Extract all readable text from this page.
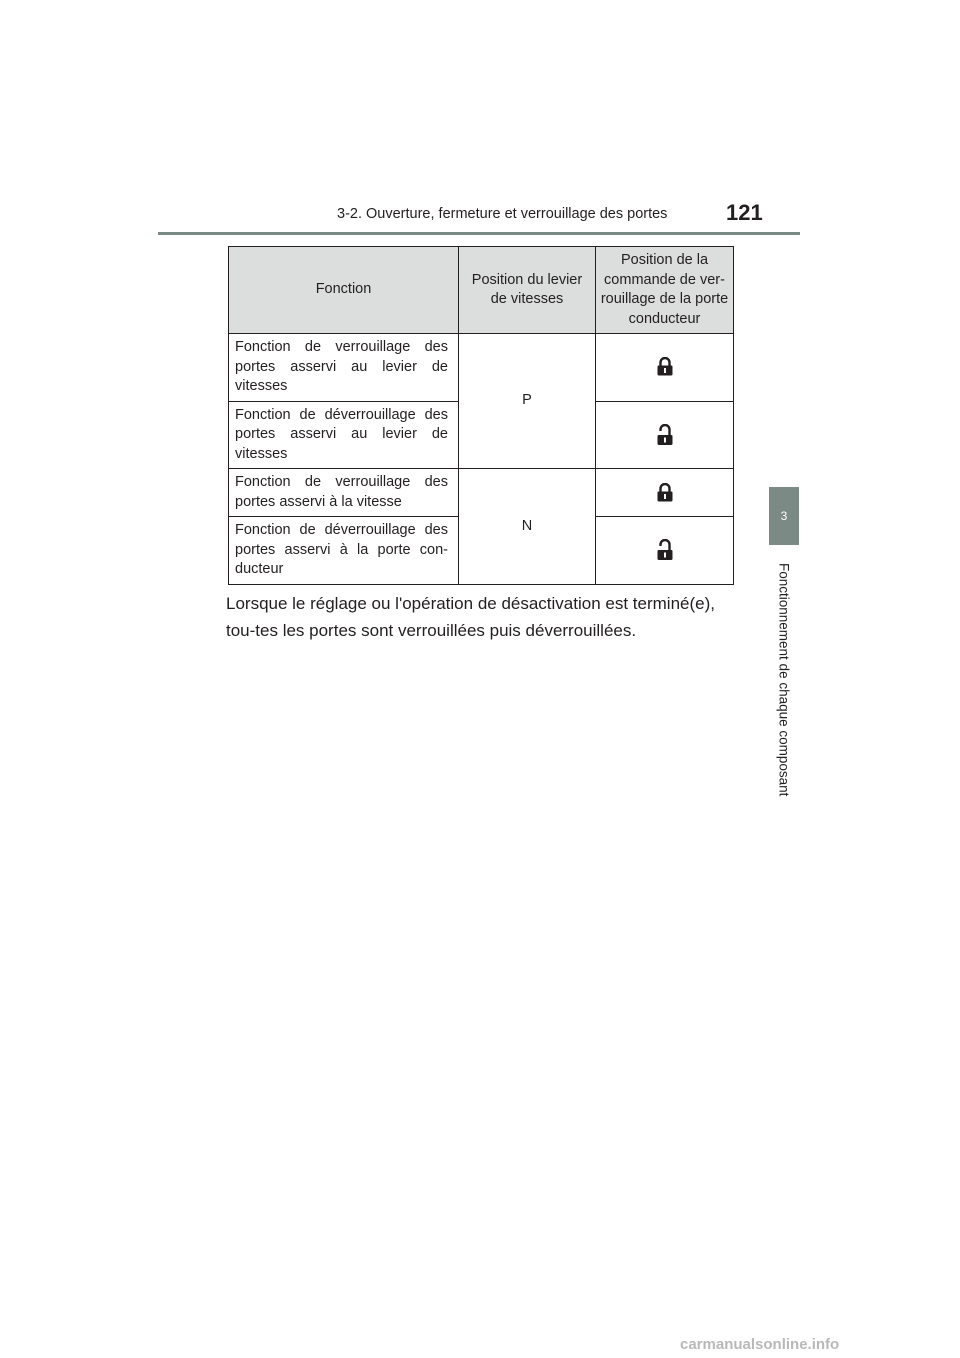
3-2. Ouverture, fermeture et verrouillage des portes	121
3
Fonctionnement de chaque composant
Fonction	Position du levier de vitesses	Position de la commande de ver-rouillage de la porte conducteur
Fonction de verrouillage des portes asservi au levier de vitesses	P	
Fonction de déverrouillage des portes asservi au levier de vitesses	
Fonction de verrouillage des portes asservi à la vitesse	N	
Fonction de déverrouillage des portes asservi à la porte con-ducteur	
Lorsque le réglage ou l'opération de désactivation est terminé(e), tou-tes les portes sont verrouillées puis déverrouillées.
carmanualsonline.info
